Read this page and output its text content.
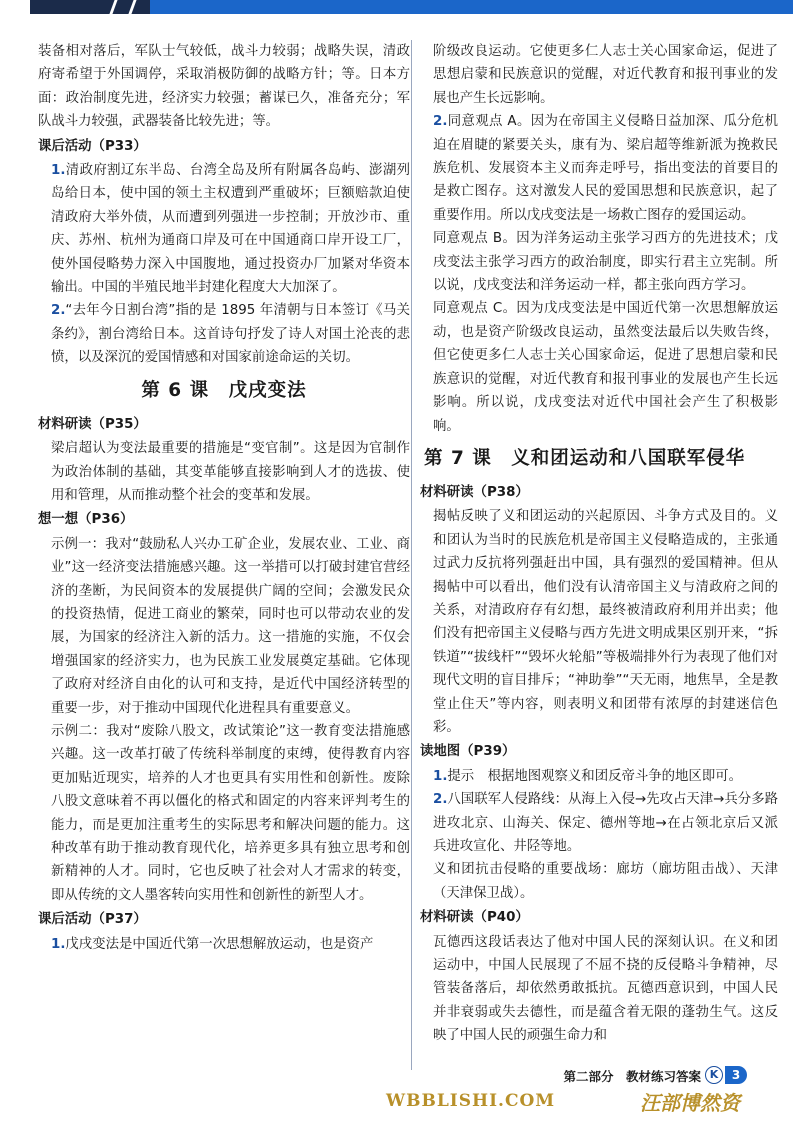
装备相对落后，军队士气较低，战斗力较弱；战略失误，清政府寄希望于外国调停，采取消极防御的战略方针；等。日本方面：政治制度先进，经济实力较强；蓄谋已久，准备充分；军队战斗力较强，武器装备比较先进；等。

课后活动（P33）

1.清政府割辽东半岛、台湾全岛及所有附属各岛屿、澎湖列岛给日本，使中国的领土主权遭到严重破坏；巨额赔款迫使清政府大举外债，从而遭到列强进一步控制；开放沙市、重庆、苏州、杭州为通商口岸及可在中国通商口岸开设工厂，使外国侵略势力深入中国腹地，通过投资办厂加紧对华资本输出。中国的半殖民地半封建化程度大大加深了。

2.“去年今日割台湾”指的是 1895 年清朝与日本签订《马关条约》，割台湾给日本。这首诗句抒发了诗人对国土沦丧的悲愤，以及深沉的爱国情感和对国家前途命运的关切。

第 6 课　戊戌变法
材料研读（P35）

梁启超认为变法最重要的措施是“变官制”。这是因为官制作为政治体制的基础，其变革能够直接影响到人才的选拔、使用和管理，从而推动整个社会的变革和发展。

想一想（P36）

示例一：我对“鼓励私人兴办工矿企业，发展农业、工业、商业”这一经济变法措施感兴趣。这一举措可以打破封建官营经济的垄断，为民间资本的发展提供广阔的空间；会激发民众的投资热情，促进工商业的繁荣，同时也可以带动农业的发展，为国家的经济注入新的活力。这一措施的实施，不仅会增强国家的经济实力，也为民族工业发展奠定基础。它体现了政府对经济自由化的认可和支持，是近代中国经济转型的重要一步，对于推动中国现代化进程具有重要意义。

示例二：我对“废除八股文，改试策论”这一教育变法措施感兴趣。这一改革打破了传统科举制度的束缚，使得教育内容更加贴近现实，培养的人才也更具有实用性和创新性。废除八股文意味着不再以僵化的格式和固定的内容来评判考生的能力，而是更加注重考生的实际思考和解决问题的能力。这种改革有助于推动教育现代化，培养更多具有独立思考和创新精神的人才。同时，它也反映了社会对人才需求的转变，即从传统的文人墨客转向实用性和创新性的新型人才。

课后活动（P37）

1.戊戌变法是中国近代第一次思想解放运动，也是资产

阶级改良运动。它使更多仁人志士关心国家命运，促进了思想启蒙和民族意识的觉醒，对近代教育和报刊事业的发展也产生长远影响。

2.同意观点 A。因为在帝国主义侵略日益加深、瓜分危机迫在眉睫的紧要关头，康有为、梁启超等维新派为挽救民族危机、发展资本主义而奔走呼号，指出变法的首要目的是救亡图存。这对激发人民的爱国思想和民族意识，起了重要作用。所以戊戌变法是一场救亡图存的爱国运动。

同意观点 B。因为洋务运动主张学习西方的先进技术；戊戌变法主张学习西方的政治制度，即实行君主立宪制。所以说，戊戌变法和洋务运动一样，都主张向西方学习。

同意观点 C。因为戊戌变法是中国近代第一次思想解放运动，也是资产阶级改良运动，虽然变法最后以失败告终，但它使更多仁人志士关心国家命运，促进了思想启蒙和民族意识的觉醒，对近代教育和报刊事业的发展也产生长远影响。所以说，戊戌变法对近代中国社会产生了积极影响。

第 7 课　义和团运动和八国联军侵华
材料研读（P38）

揭帖反映了义和团运动的兴起原因、斗争方式及目的。义和团认为当时的民族危机是帝国主义侵略造成的，主张通过武力反抗将列强赶出中国，具有强烈的爱国精神。但从揭帖中可以看出，他们没有认清帝国主义与清政府之间的关系，对清政府存有幻想，最终被清政府利用并出卖；他们没有把帝国主义侵略与西方先进文明成果区别开来，“拆铁道”“拔线杆”“毁坏火轮船”等极端排外行为表现了他们对现代文明的盲目排斥；“神助拳”“天无雨，地焦旱，全是教堂止住天”等内容，则表明义和团带有浓厚的封建迷信色彩。

读地图（P39）

1.提示　根据地图观察义和团反帝斗争的地区即可。

2.八国联军人侵路线：从海上入侵→先攻占天津→兵分多路进攻北京、山海关、保定、德州等地→在占领北京后又派兵进攻宣化、井陉等地。

义和团抗击侵略的重要战场：廊坊（廊坊阻击战）、天津（天津保卫战）。

材料研读（P40）

瓦德西这段话表达了他对中国人民的深刻认识。在义和团运动中，中国人民展现了不屈不挠的反侵略斗争精神，尽管装备落后，却依然勇敢抵抗。瓦德西意识到，中国人民并非衰弱或失去德性，而是蕴含着无限的蓬勃生气。这反映了中国人民的顽强生命力和

第二部分　教材练习答案 K	3
WBBLISHI.COM	汪部博然资
